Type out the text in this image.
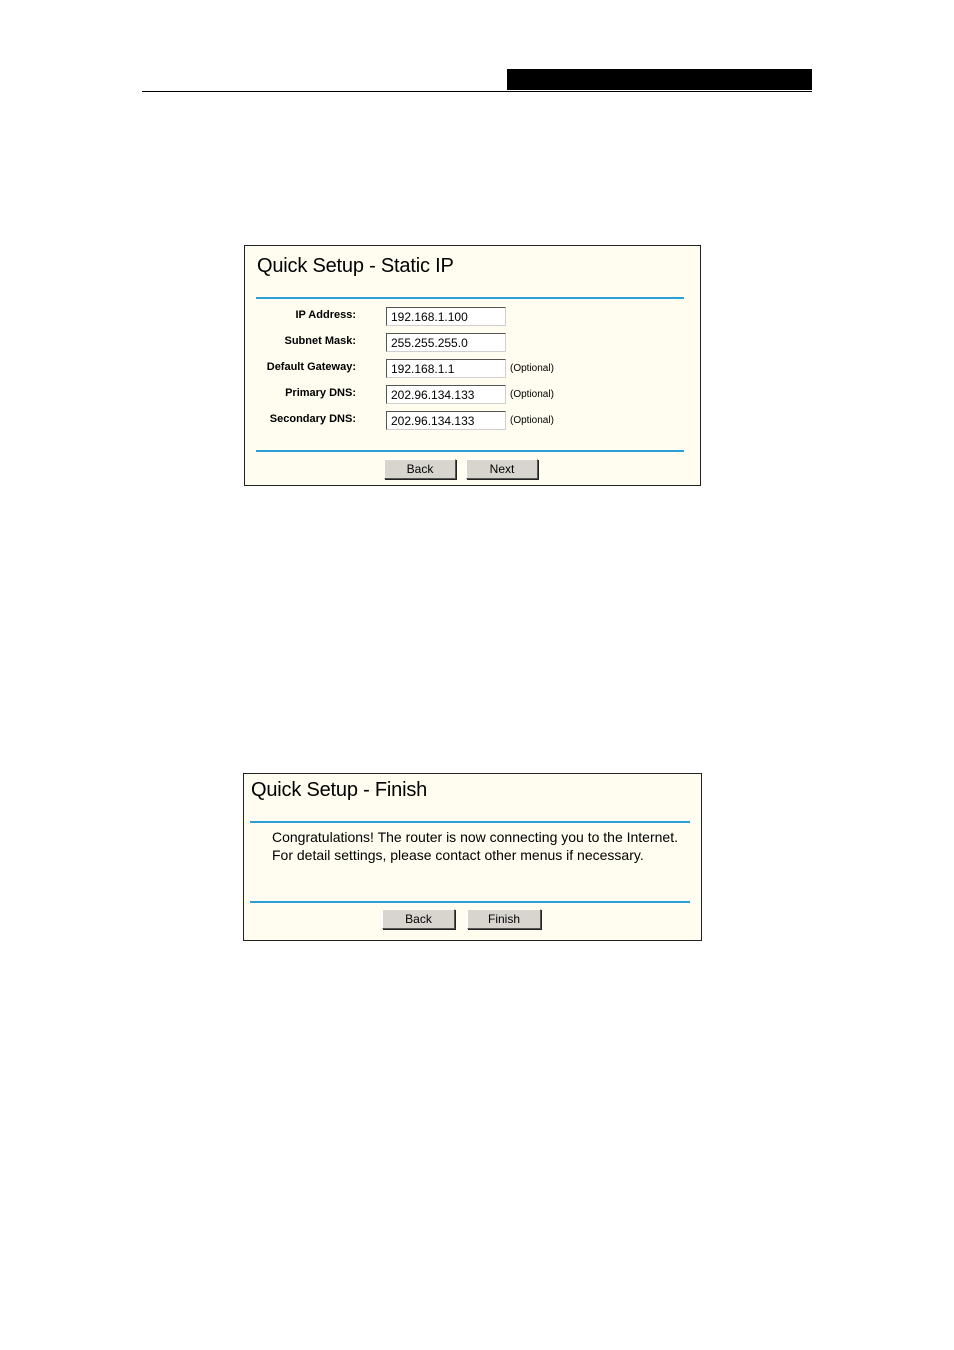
Quick Setup - Static IP
IP Address:
192.168.1.100
Subnet Mask:
255.255.255.0
Default Gateway:
192.168.1.1	(Optional)
Primary DNS:
202.96.134.133	(Optional)
Secondary DNS:
202.96.134.133	(Optional)
Back	Next
Quick Setup - Finish

Congratulations! The router is now connecting you to the Internet. For detail settings, please contact other menus if necessary.

Back	Finish
